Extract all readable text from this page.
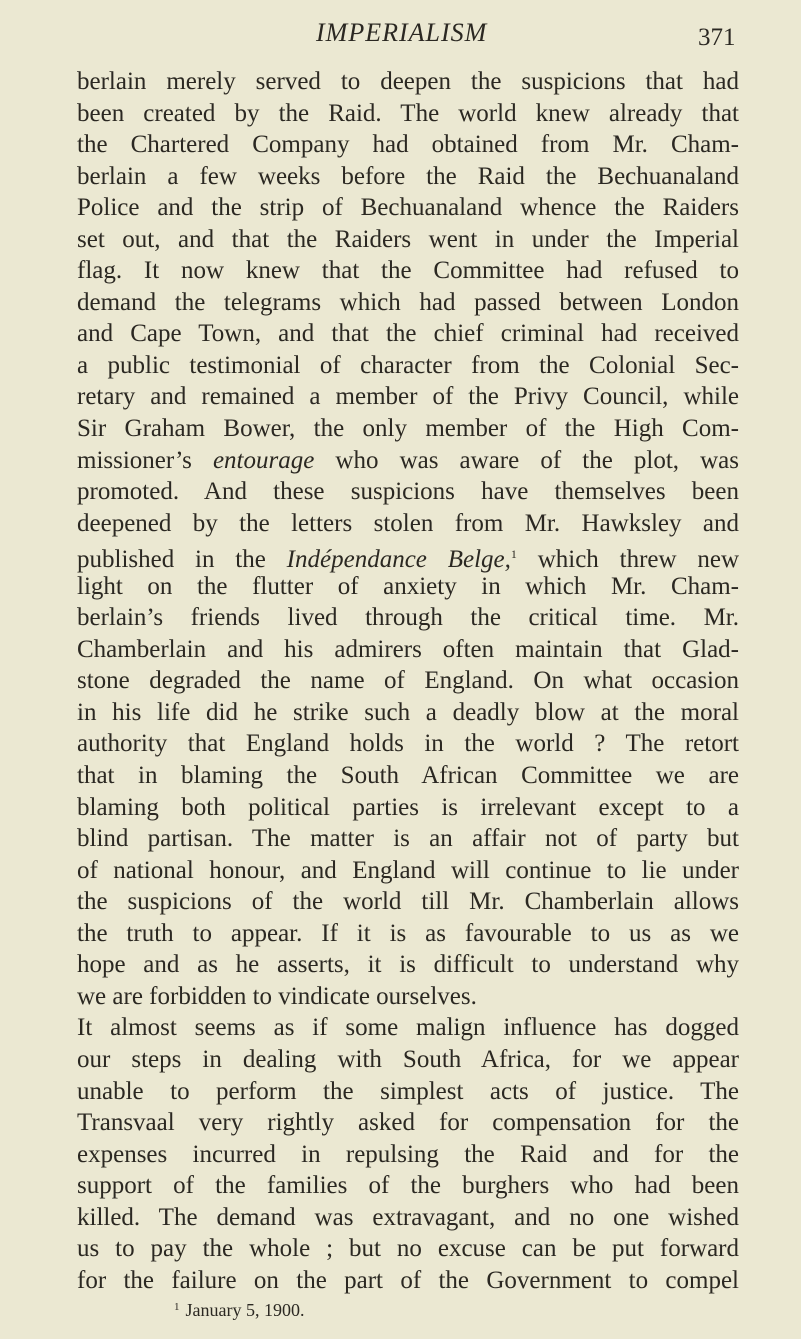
IMPERIALISM	371
berlain merely served to deepen the suspicions that had
been created by the Raid. The world knew already that
the Chartered Company had obtained from Mr. Cham-
berlain a few weeks before the Raid the Bechuanaland
Police and the strip of Bechuanaland whence the Raiders
set out, and that the Raiders went in under the Imperial
flag. It now knew that the Committee had refused to
demand the telegrams which had passed between London
and Cape Town, and that the chief criminal had received
a public testimonial of character from the Colonial Sec-
retary and remained a member of the Privy Council, while
Sir Graham Bower, the only member of the High Com-
missioner’s entourage who was aware of the plot, was
promoted. And these suspicions have themselves been
deepened by the letters stolen from Mr. Hawksley and
published in the Indépendance Belge,$^1$ which threw new
light on the flutter of anxiety in which Mr. Cham-
berlain’s friends lived through the critical time. Mr.
Chamberlain and his admirers often maintain that Glad-
stone degraded the name of England. On what occasion
in his life did he strike such a deadly blow at the moral
authority that England holds in the world ? The retort
that in blaming the South African Committee we are
blaming both political parties is irrelevant except to a
blind partisan. The matter is an affair not of party but
of national honour, and England will continue to lie under
the suspicions of the world till Mr. Chamberlain allows
the truth to appear. If it is as favourable to us as we
hope and as he asserts, it is difficult to understand why
we are forbidden to vindicate ourselves.
It almost seems as if some malign influence has dogged
our steps in dealing with South Africa, for we appear
unable to perform the simplest acts of justice. The
Transvaal very rightly asked for compensation for the
expenses incurred in repulsing the Raid and for the
support of the families of the burghers who had been
killed. The demand was extravagant, and no one wished
us to pay the whole ; but no excuse can be put forward
for the failure on the part of the Government to compel
$^1$ January 5, 1900.
